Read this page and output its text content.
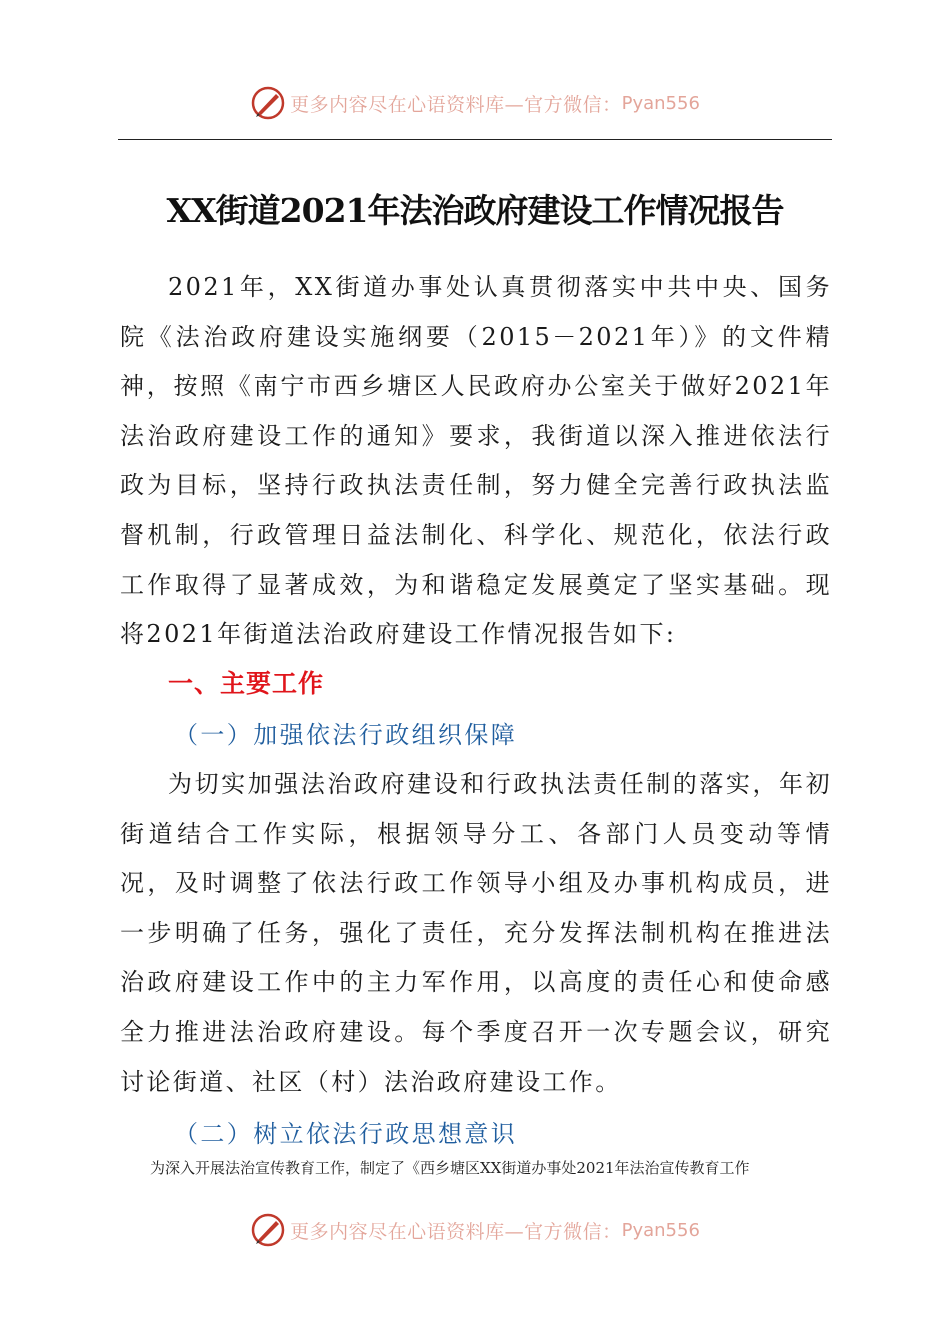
更多内容尽在心语资料库—官方微信： Pyan556
XX街道2021年法治政府建设工作情况报告

2021年，XX街道办事处认真贯彻落实中共中央、国务院《法治政府建设实施纲要（2015－2021年）》的文件精神，按照《南宁市西乡塘区人民政府办公室关于做好2021年法治政府建设工作的通知》要求，我街道以深入推进依法行政为目标，坚持行政执法责任制，努力健全完善行政执法监督机制，行政管理日益法制化、科学化、规范化，依法行政工作取得了显著成效，为和谐稳定发展奠定了坚实基础。现将2021年街道法治政府建设工作情况报告如下:

一、主要工作
（一）加强依法行政组织保障

为切实加强法治政府建设和行政执法责任制的落实，年初街道结合工作实际，根据领导分工、各部门人员变动等情况，及时调整了依法行政工作领导小组及办事机构成员，进一步明确了任务，强化了责任，充分发挥法制机构在推进法治政府建设工作中的主力军作用，以高度的责任心和使命感全力推进法治政府建设。每个季度召开一次专题会议，研究讨论街道、社区（村）法治政府建设工作。

（二）树立依法行政思想意识
为深入开展法治宣传教育工作，制定了《西乡塘区XX街道办事处2021年法治宣传教育工作
更多内容尽在心语资料库—官方微信： Pyan556
